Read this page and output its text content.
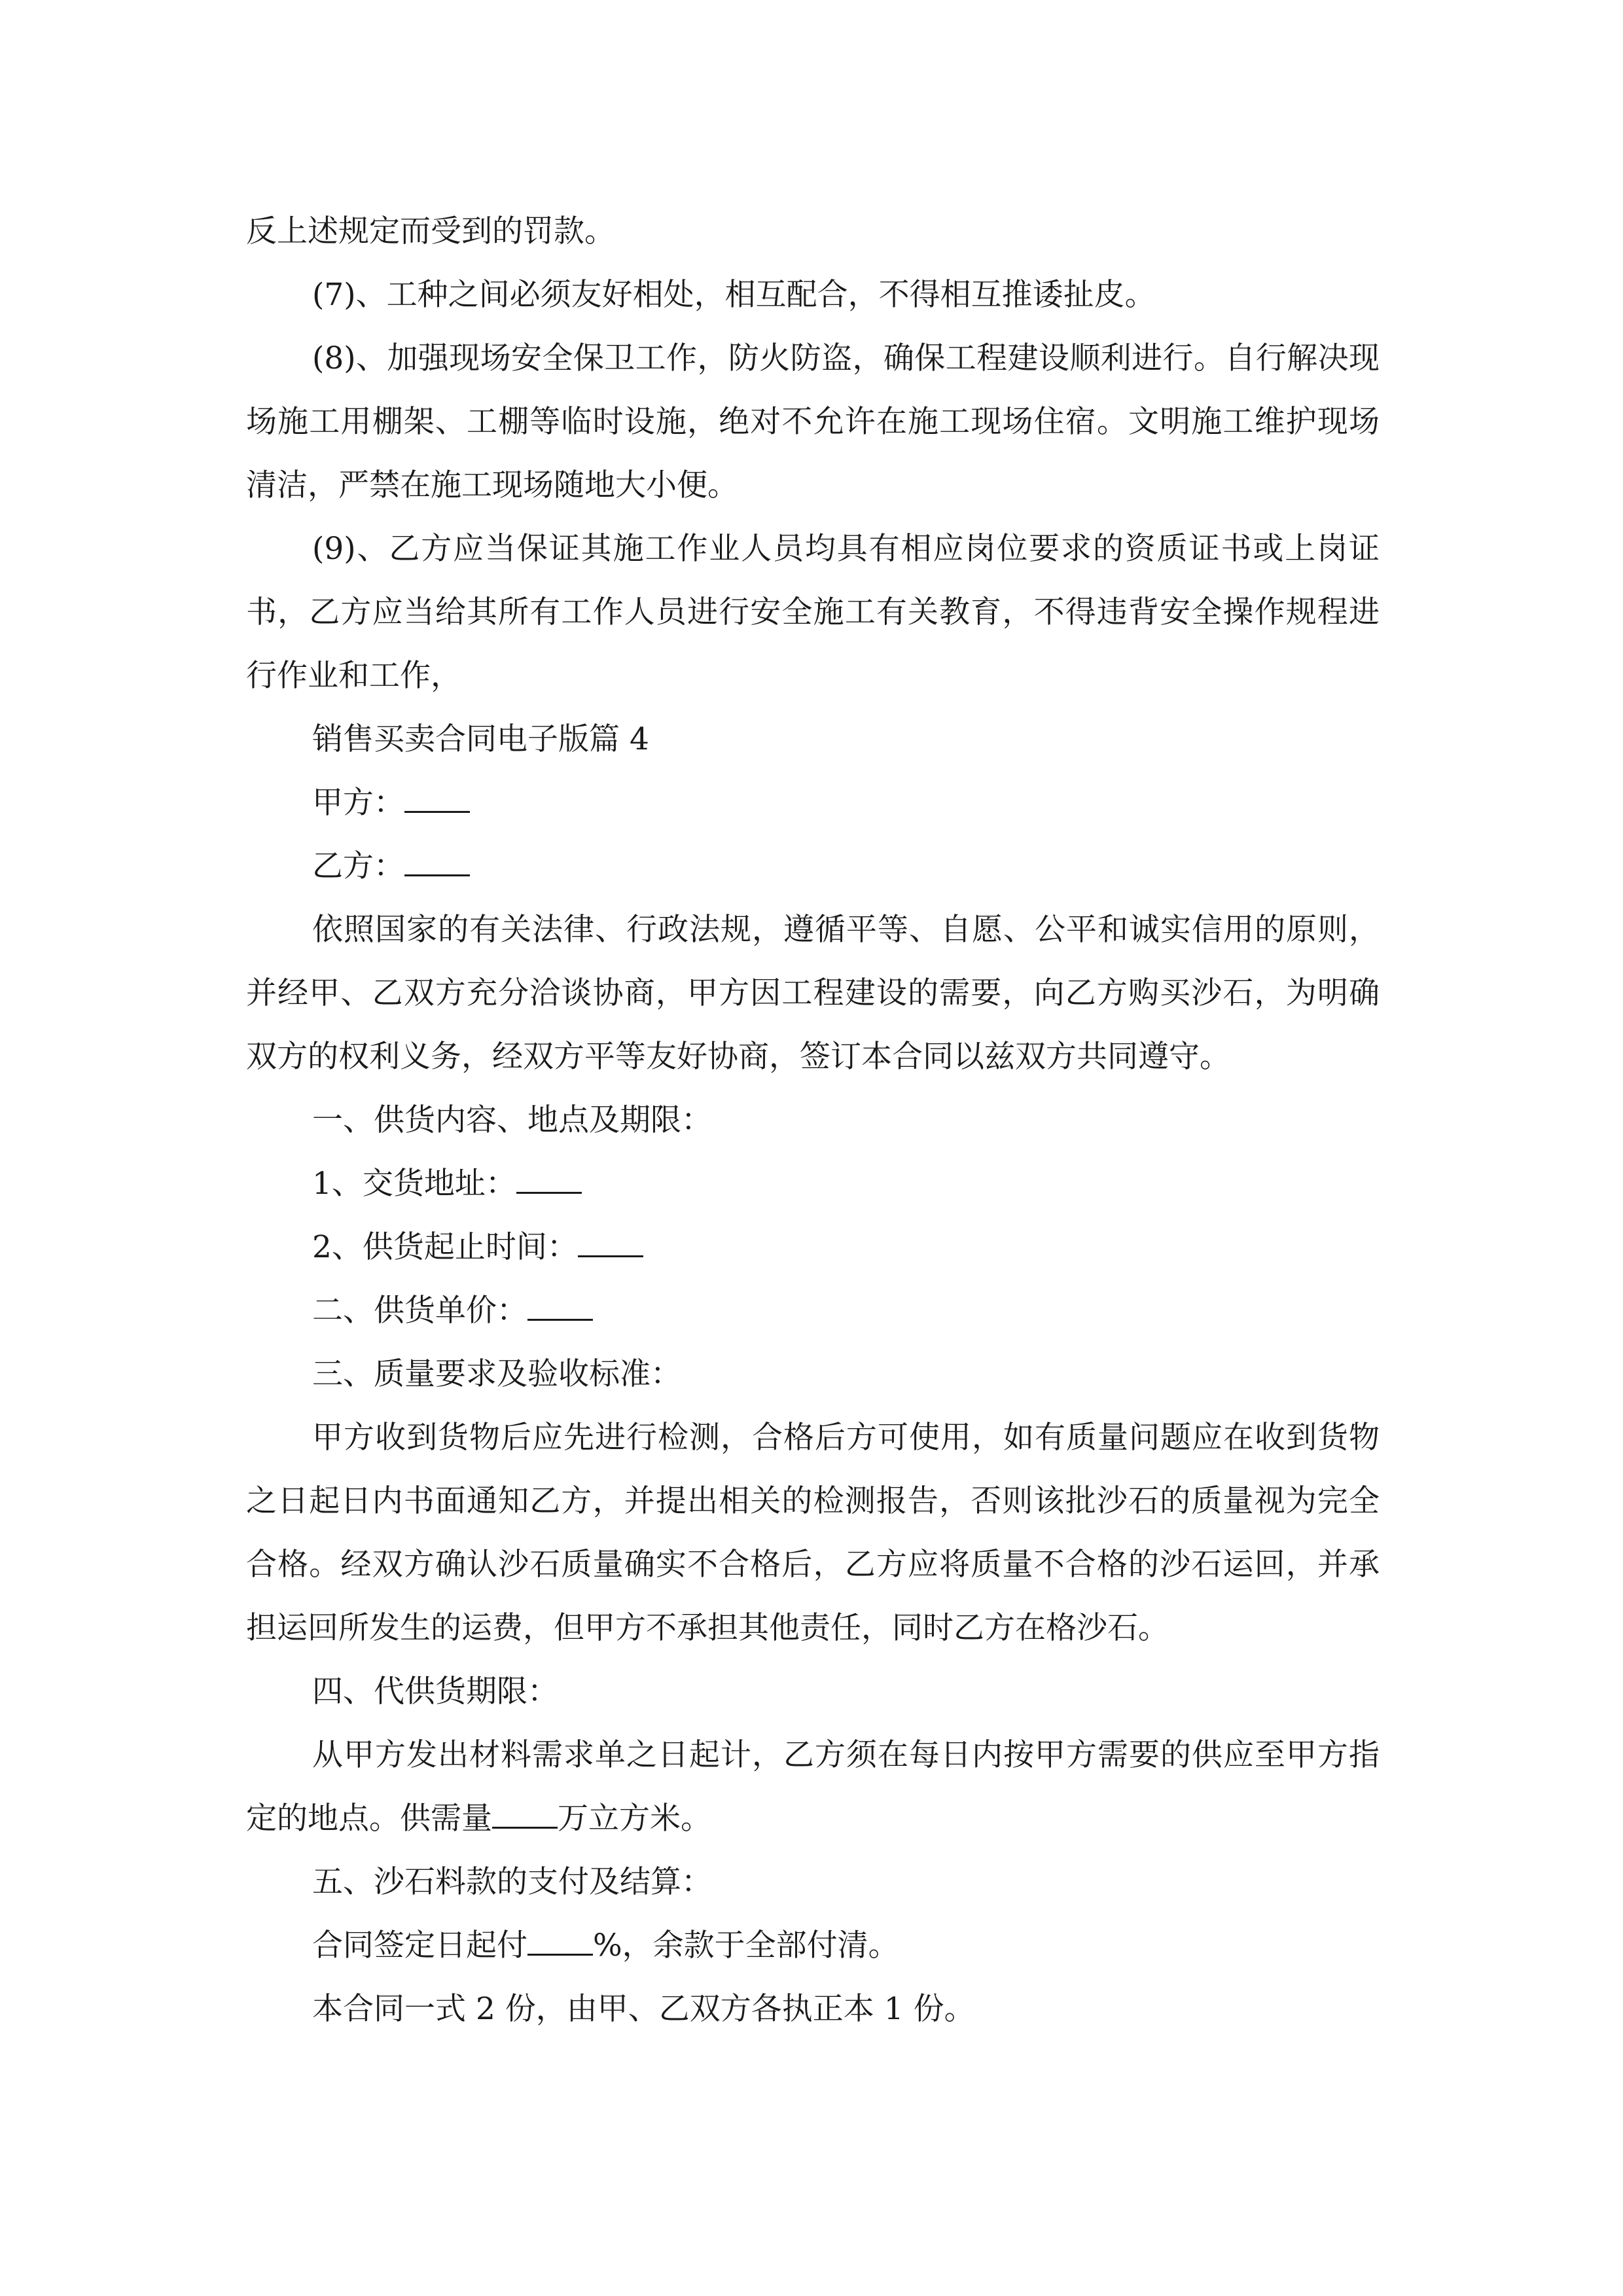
反上述规定而受到的罚款。

(7)、工种之间必须友好相处，相互配合，不得相互推诿扯皮。

(8)、加强现场安全保卫工作，防火防盗，确保工程建设顺利进行。自行解决现场施工用棚架、工棚等临时设施，绝对不允许在施工现场住宿。文明施工维护现场清洁，严禁在施工现场随地大小便。

(9)、乙方应当保证其施工作业人员均具有相应岗位要求的资质证书或上岗证书，乙方应当给其所有工作人员进行安全施工有关教育，不得违背安全操作规程进行作业和工作，

销售买卖合同电子版篇 4

甲方：

乙方：

依照国家的有关法律、行政法规，遵循平等、自愿、公平和诚实信用的原则，并经甲、乙双方充分洽谈协商，甲方因工程建设的需要，向乙方购买沙石，为明确双方的权利义务，经双方平等友好协商，签订本合同以兹双方共同遵守。

一、供货内容、地点及期限：

1、交货地址：

2、供货起止时间：

二、供货单价：

三、质量要求及验收标准：

甲方收到货物后应先进行检测，合格后方可使用，如有质量问题应在收到货物之日起日内书面通知乙方，并提出相关的检测报告，否则该批沙石的质量视为完全合格。经双方确认沙石质量确实不合格后，乙方应将质量不合格的沙石运回，并承担运回所发生的运费，但甲方不承担其他责任，同时乙方在格沙石。

四、代供货期限：

从甲方发出材料需求单之日起计，乙方须在每日内按甲方需要的供应至甲方指定的地点。供需量 万立方米。

五、沙石料款的支付及结算：

合同签定日起付 %，余款于全部付清。

本合同一式 2 份，由甲、乙双方各执正本 1 份。
